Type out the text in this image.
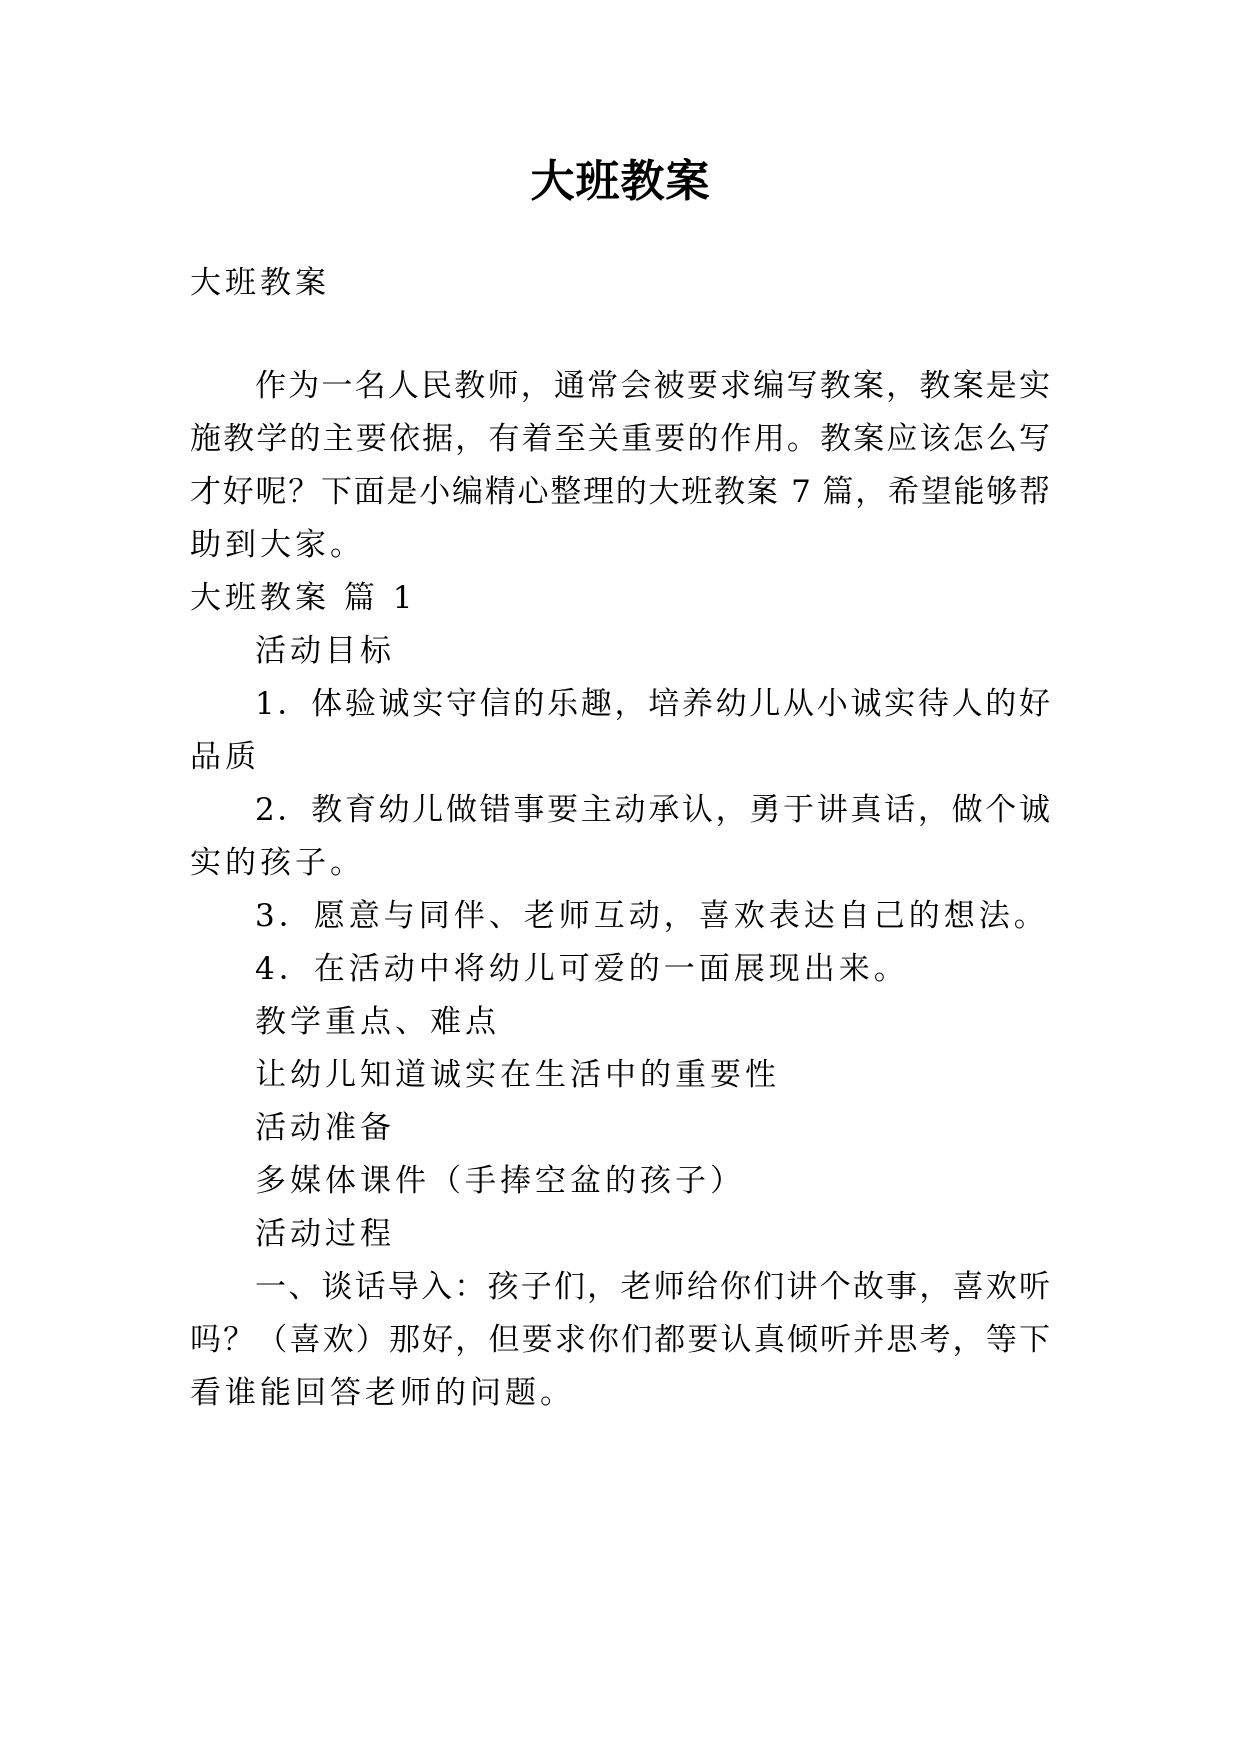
大班教案
大班教案
作为一名人民教师，通常会被要求编写教案，教案是实
施教学的主要依据，有着至关重要的作用。教案应该怎么写
才好呢？下面是小编精心整理的大班教案 7 篇，希望能够帮
助到大家。
大班教案 篇 1
活动目标
1．体验诚实守信的乐趣，培养幼儿从小诚实待人的好
品质
2．教育幼儿做错事要主动承认，勇于讲真话，做个诚
实的孩子。
3．愿意与同伴、老师互动，喜欢表达自己的想法。
4．在活动中将幼儿可爱的一面展现出来。
教学重点、难点
让幼儿知道诚实在生活中的重要性
活动准备
多媒体课件（手捧空盆的孩子）
活动过程
一、谈话导入：孩子们，老师给你们讲个故事，喜欢听
吗？（喜欢）那好，但要求你们都要认真倾听并思考，等下
看谁能回答老师的问题。
